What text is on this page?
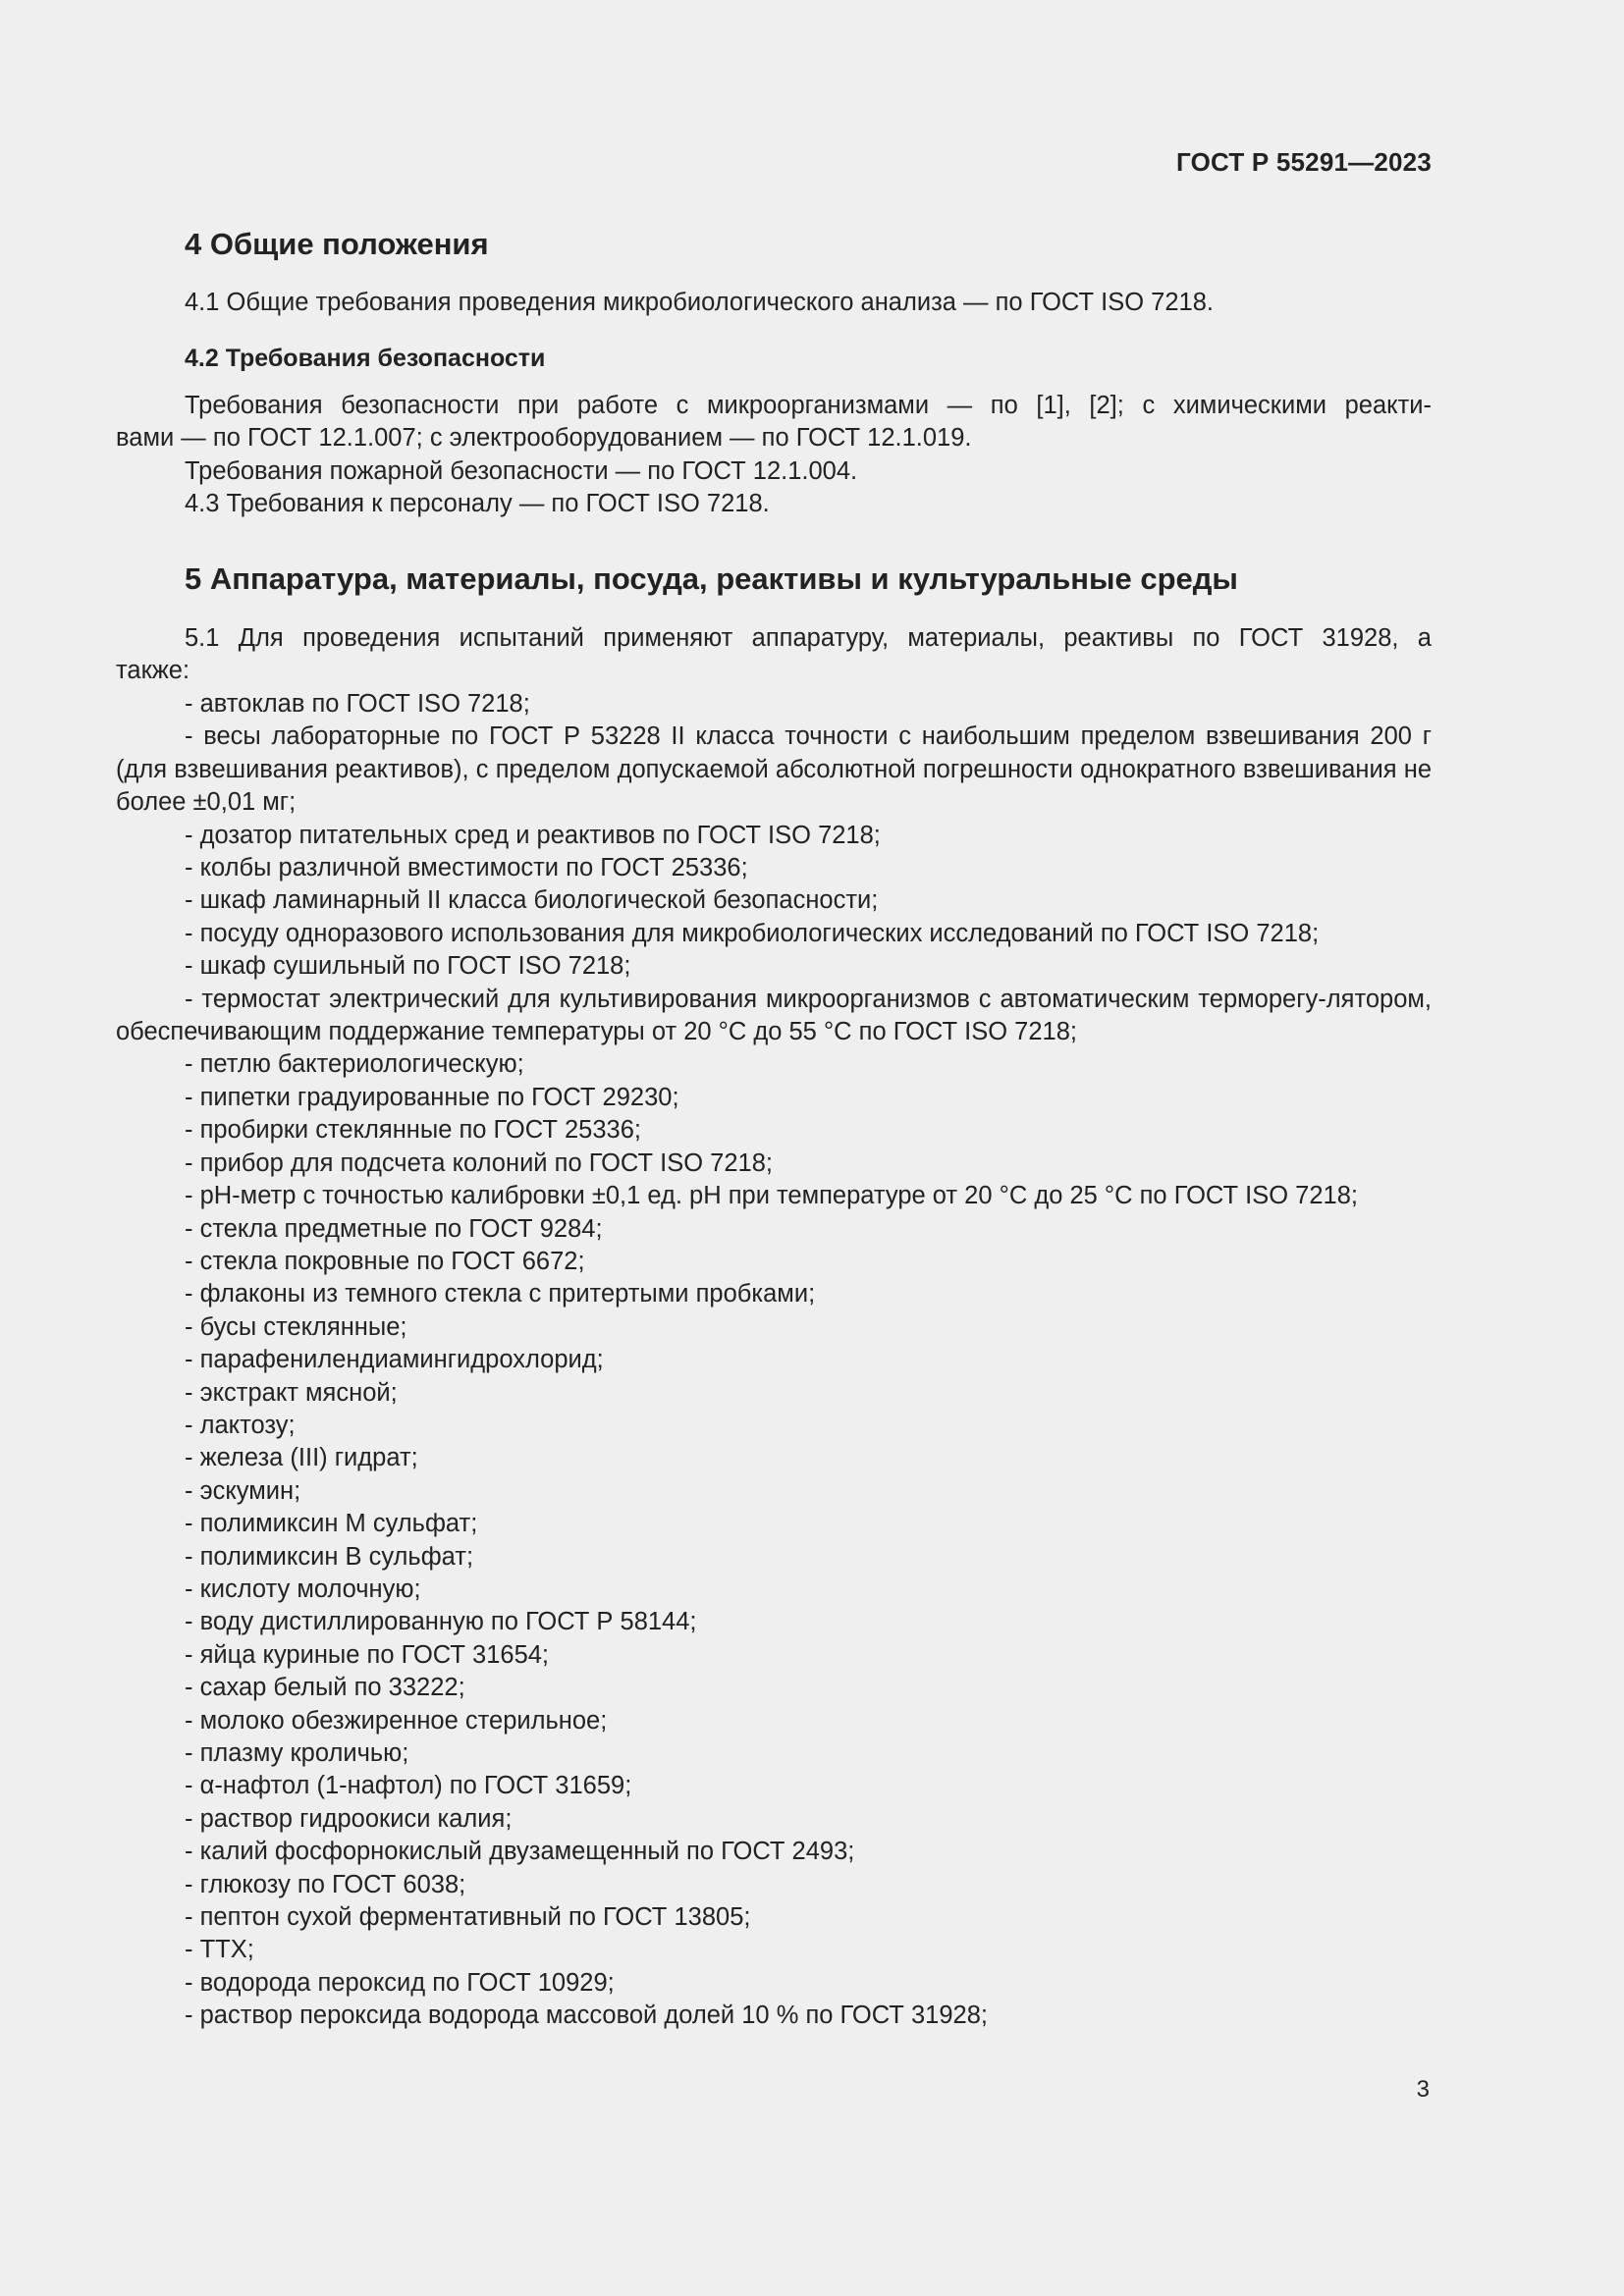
ГОСТ Р 55291—2023
4 Общие положения
4.1 Общие требования проведения микробиологического анализа — по ГОСТ ISO 7218.
4.2 Требования безопасности
Требования безопасности при работе с микроорганизмами — по [1], [2]; с химическими реакти-
вами — по ГОСТ 12.1.007; с электрооборудованием — по ГОСТ 12.1.019.
Требования пожарной безопасности — по ГОСТ 12.1.004.
4.3 Требования к персоналу — по ГОСТ ISO 7218.
5 Аппаратура, материалы, посуда, реактивы и культуральные среды
5.1 Для проведения испытаний применяют аппаратуру, материалы, реактивы по ГОСТ 31928, а
также:
- автоклав по ГОСТ ISO 7218;
- весы лабораторные по ГОСТ Р 53228 II класса точности с наибольшим пределом взвешивания 200 г (для взвешивания реактивов), с пределом допускаемой абсолютной погрешности однократного взвешивания не более ±0,01 мг;
- дозатор питательных сред и реактивов по ГОСТ ISO 7218;
- колбы различной вместимости по ГОСТ 25336;
- шкаф ламинарный II класса биологической безопасности;
- посуду одноразового использования для микробиологических исследований по ГОСТ ISO 7218;
- шкаф сушильный по ГОСТ ISO 7218;
- термостат электрический для культивирования микроорганизмов с автоматическим терморегу-лятором, обеспечивающим поддержание температуры от 20 °С до 55 °С по ГОСТ ISO 7218;
- петлю бактериологическую;
- пипетки градуированные по ГОСТ 29230;
- пробирки стеклянные по ГОСТ 25336;
- прибор для подсчета колоний по ГОСТ ISO 7218;
- рН-метр с точностью калибровки ±0,1 ед. рН при температуре от 20 °С до 25 °С по ГОСТ ISO 7218;
- стекла предметные по ГОСТ 9284;
- стекла покровные по ГОСТ 6672;
- флаконы из темного стекла с притертыми пробками;
- бусы стеклянные;
- парафенилендиамингидрохлорид;
- экстракт мясной;
- лактозу;
- железа (III) гидрат;
- эскумин;
- полимиксин М сульфат;
- полимиксин В сульфат;
- кислоту молочную;
- воду дистиллированную по ГОСТ Р 58144;
- яйца куриные по ГОСТ 31654;
- сахар белый по 33222;
- молоко обезжиренное стерильное;
- плазму кроличью;
- α-нафтол (1-нафтол) по ГОСТ 31659;
- раствор гидроокиси калия;
- калий фосфорнокислый двузамещенный по ГОСТ 2493;
- глюкозу по ГОСТ 6038;
- пептон сухой ферментативный по ГОСТ 13805;
- ТТХ;
- водорода пероксид по ГОСТ 10929;
- раствор пероксида водорода массовой долей 10 % по ГОСТ 31928;
3
